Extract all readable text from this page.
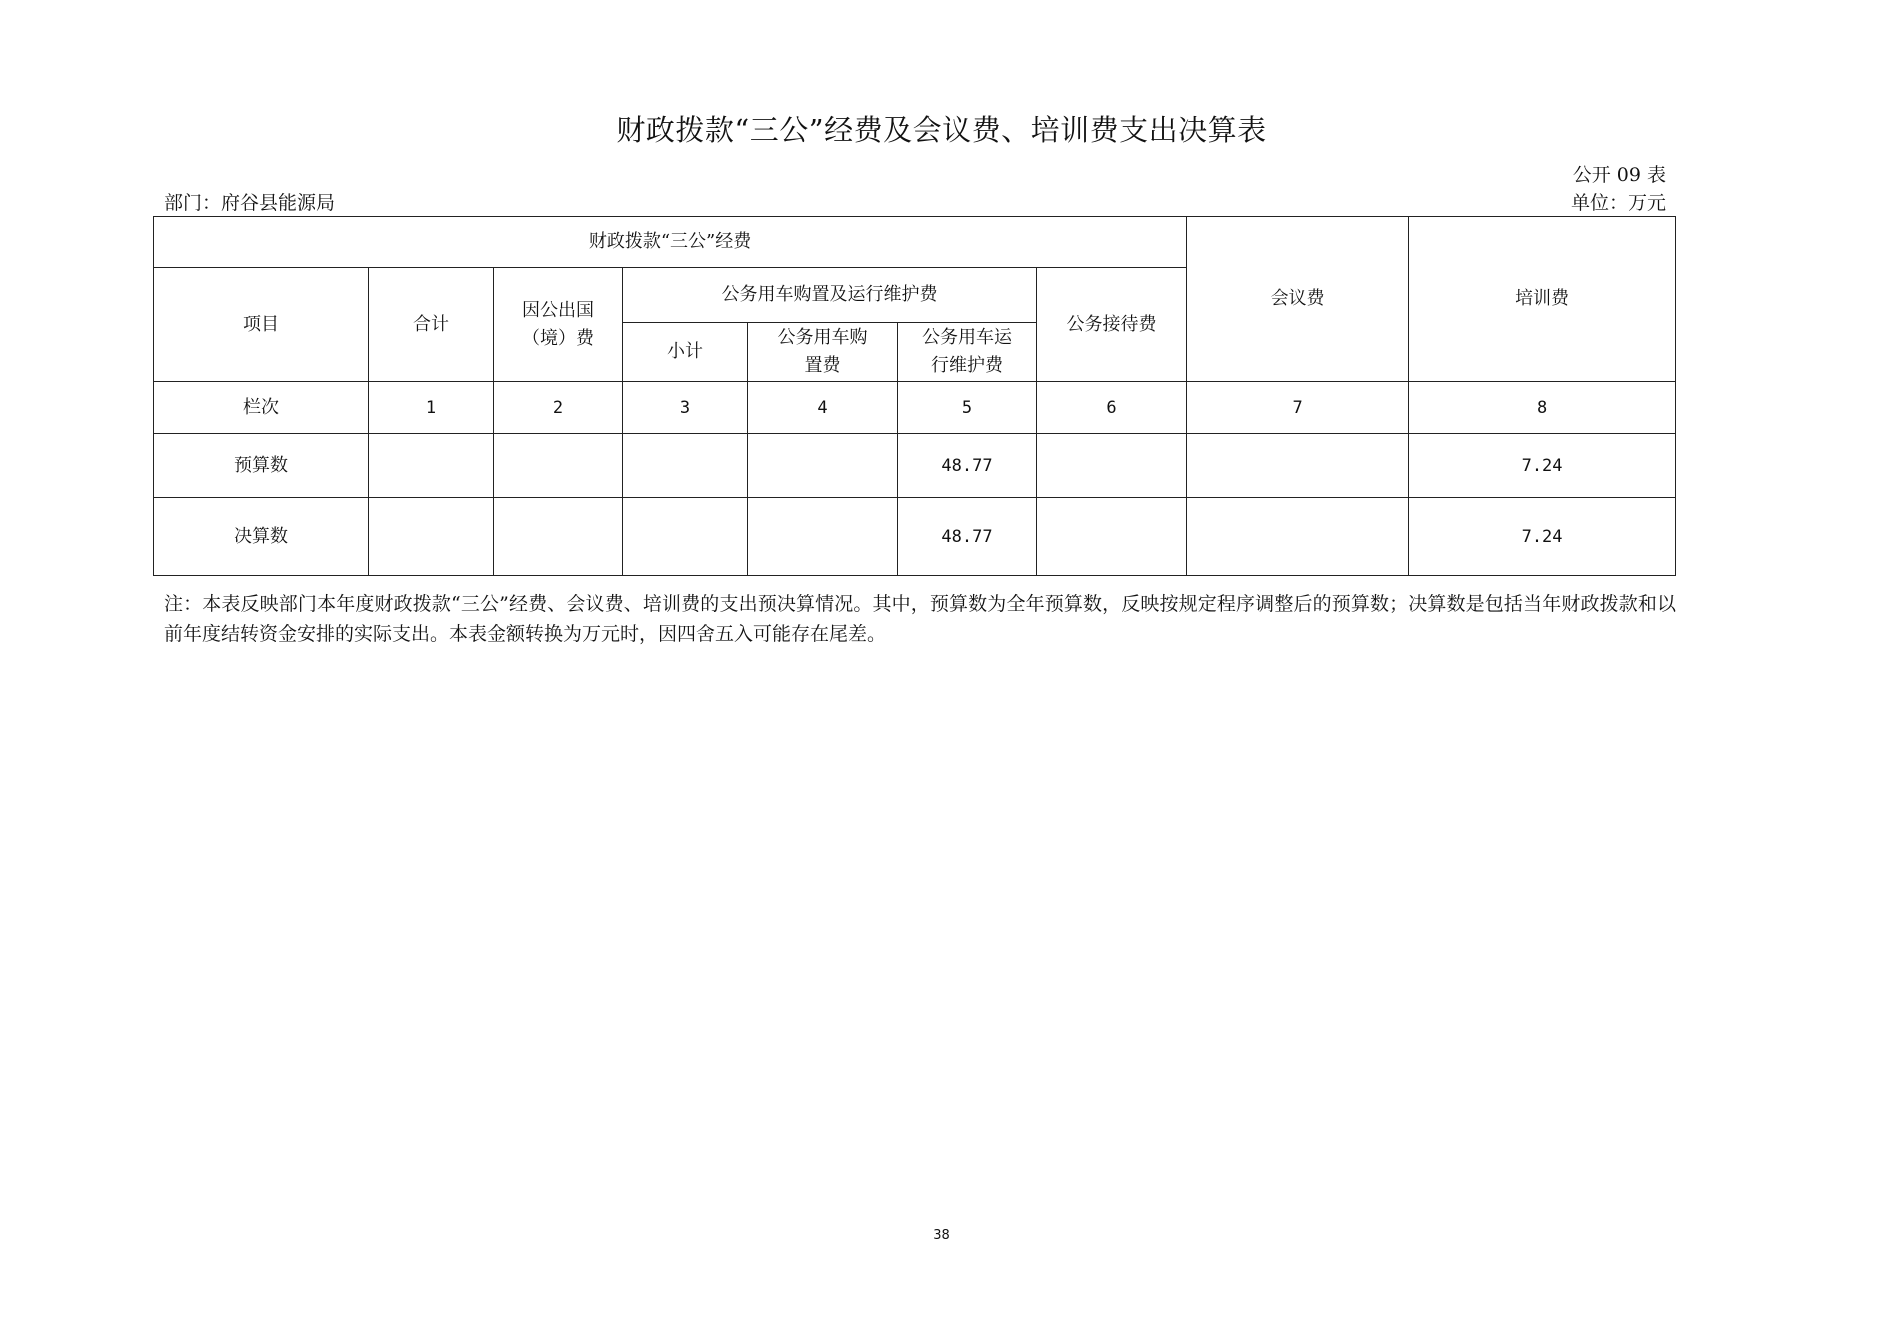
财政拨款“三公”经费及会议费、培训费支出决算表
公开 09 表
部门：府谷县能源局	单位：万元
财政拨款“三公”经费							会议费	培训费
项目	合计	因公出国（境）费	公务用车购置及运行维护费			公务接待费		
			小计	公务用车购置费	公务用车运行维护费			
栏次	1	2	3	4	5	6	7	8
预算数					48.77			7.24
决算数					48.77			7.24
注：本表反映部门本年度财政拨款“三公”经费、会议费、培训费的支出预决算情况。其中，预算数为全年预算数，反映按规定程序调整后的预算数；决算数是包括当年财政拨款和以前年度结转资金安排的实际支出。本表金额转换为万元时，因四舍五入可能存在尾差。
38
